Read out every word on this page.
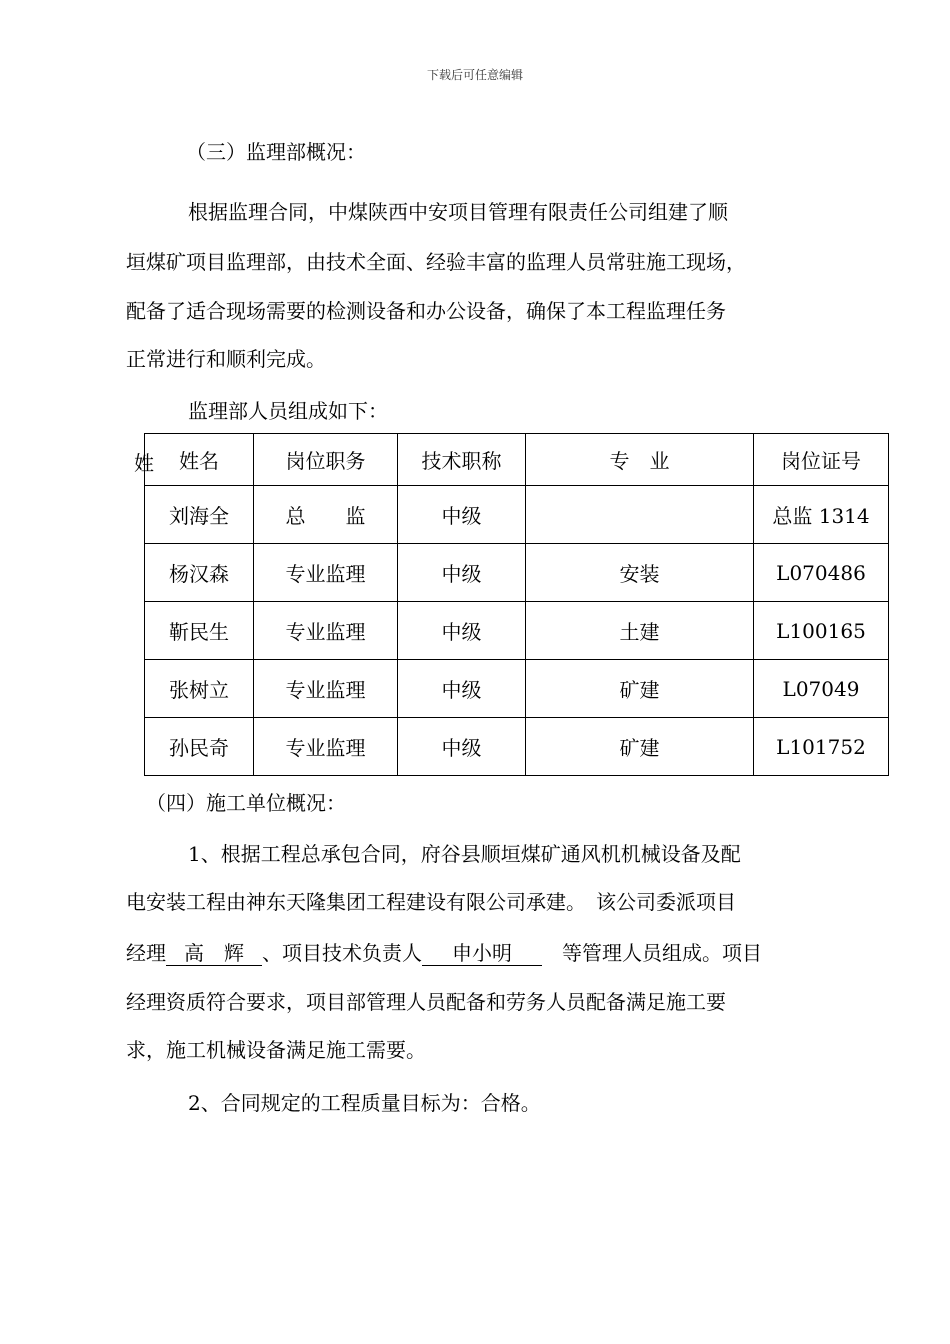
下载后可任意编辑
（三）监理部概况：
根据监理合同，中煤陕西中安项目管理有限责任公司组建了顺
垣煤矿项目监理部，由技术全面、经验丰富的监理人员常驻施工现场，
配备了适合现场需要的检测设备和办公设备，确保了本工程监理任务
正常进行和顺利完成。
监理部人员组成如下：
姓 姓名	岗位职务	技术职称	专　业	岗位证号
刘海全	总　　监	中级		总监 1314
杨汉森	专业监理	中级	安装	L070486
靳民生	专业监理	中级	土建	L100165
张树立	专业监理	中级	矿建	L07049
孙民奇	专业监理	中级	矿建	L101752
（四）施工单位概况：
1、根据工程总承包合同，府谷县顺垣煤矿通风机机械设备及配
电安装工程由神东天隆集团工程建设有限公司承建。　该公司委派项目
经理 高　辉 、项目技术负责人 申小明　等管理人员组成。项目
经理资质符合要求，项目部管理人员配备和劳务人员配备满足施工要
求，施工机械设备满足施工需要。
2、合同规定的工程质量目标为：合格。
